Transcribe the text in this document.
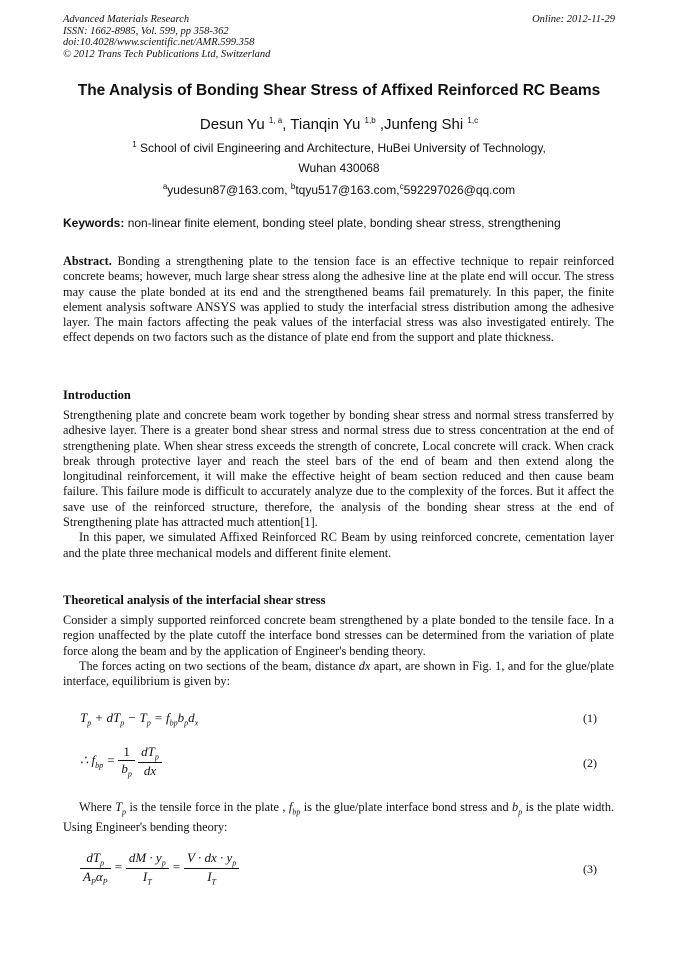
Advanced Materials Research
ISSN: 1662-8985, Vol. 599, pp 358-362
doi:10.4028/www.scientific.net/AMR.599.358
© 2012 Trans Tech Publications Ltd, Switzerland
Online: 2012-11-29
The Analysis of Bonding Shear Stress of Affixed Reinforced RC Beams
Desun Yu $^{1, a}$, Tianqin Yu $^{1,b}$ ,Junfeng Shi $^{1,c}$
$^1$ School of civil Engineering and Architecture, HuBei University of Technology,
Wuhan 430068
$^a$yudesun87@163.com, $^b$tqyu517@163.com,$^c$592297026@qq.com
Keywords: non-linear finite element, bonding steel plate, bonding shear stress, strengthening
Abstract. Bonding a strengthening plate to the tension face is an effective technique to repair reinforced concrete beams; however, much large shear stress along the adhesive line at the plate end will occur. The stress may cause the plate bonded at its end and the strengthened beams fail prematurely. In this paper, the finite element analysis software ANSYS was applied to study the interfacial stress distribution among the adhesive layer. The main factors affecting the peak values of the interfacial stress was also investigated entirely. The effect depends on two factors such as the distance of plate end from the support and plate thickness.
Introduction
Strengthening plate and concrete beam work together by bonding shear stress and normal stress transferred by adhesive layer. There is a greater bond shear stress and normal stress due to stress concentration at the end of strengthening plate. When shear stress exceeds the strength of concrete, Local concrete will crack. When crack break through protective layer and reach the steel bars of the end of beam and then extend along the longitudinal reinforcement, it will make the effective height of beam section reduced and then cause beam failure. This failure mode is difficult to accurately analyze due to the complexity of the forces. But it affect the save use of the reinforced structure, therefore, the analysis of the bonding shear stress at the end of Strengthening plate has attracted much attention[1].
In this paper, we simulated Affixed Reinforced RC Beam by using reinforced concrete, cementation layer and the plate three mechanical models and different finite element.
Theoretical analysis of the interfacial shear stress
Consider a simply supported reinforced concrete beam strengthened by a plate bonded to the tensile face. In a region unaffected by the plate cutoff the interface bond stresses can be determined from the variation of plate force along the beam and by the application of Engineer's bending theory.
The forces acting on two sections of the beam, distance dx apart, are shown in Fig. 1, and for the glue/plate interface, equilibrium is given by:
$T_p + dT_p - T_p = f_{bp}b_pd_x$	(1)
∴ $f_{bp} = \frac{1}{b_p}$
$\frac{dT_p}{dx}$	(2)
Where $T_p$ is the tensile force in the plate , $f_{bp}$ is the glue/plate interface bond stress and $b_p$ is the plate width. Using Engineer's bending theory:
$\frac{dT_p}{A_P\alpha_P} = \frac{dM \cdot y_p}{I_T} = \frac{V \cdot dx \cdot y_p}{I_T}$	(3)
